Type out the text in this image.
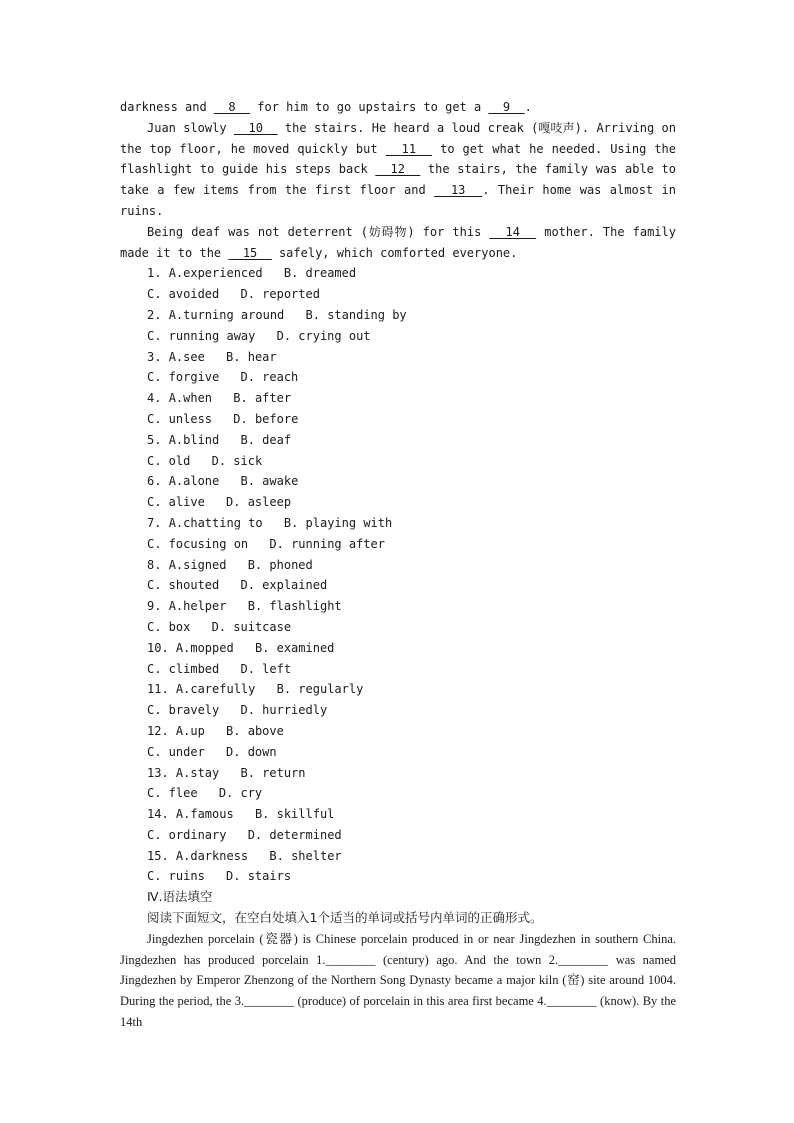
darkness and   8   for him to go upstairs to get a   9  .

Juan slowly   10   the stairs. He heard a loud creak (嘎吱声). Arriving on the top floor, he moved quickly but   11   to get what he needed. Using the flashlight to guide his steps back   12   the stairs, the family was able to take a few items from the first floor and   13  . Their home was almost in ruins.

Being deaf was not deterrent (妨碍物) for this   14   mother. The family made it to the   15   safely, which comforted everyone.

1. A.experienced B. dreamed

C. avoided D. reported

2. A.turning around B. standing by

C. running away D. crying out

3. A.see B. hear

C. forgive D. reach

4. A.when B. after

C. unless D. before

5. A.blind B. deaf

C. old D. sick

6. A.alone B. awake

C. alive D. asleep

7. A.chatting to B. playing with

C. focusing on D. running after

8. A.signed B. phoned

C. shouted D. explained

9. A.helper B. flashlight

C. box D. suitcase

10. A.mopped B. examined

C. climbed D. left

11. A.carefully B. regularly

C. bravely D. hurriedly

12. A.up B. above

C. under D. down

13. A.stay B. return

C. flee D. cry

14. A.famous B. skillful

C. ordinary D. determined

15. A.darkness B. shelter

C. ruins D. stairs

Ⅳ.语法填空

阅读下面短文，在空白处填入1个适当的单词或括号内单词的正确形式。

Jingdezhen porcelain (瓷器) is Chinese porcelain produced in or near Jingdezhen in southern China. Jingdezhen has produced porcelain 1.________ (century) ago. And the town 2.________ was named Jingdezhen by Emperor Zhenzong of the Northern Song Dynasty became a major kiln (窑) site around 1004. During the period, the 3.________ (produce) of porcelain in this area first became 4.________ (know). By the 14th
